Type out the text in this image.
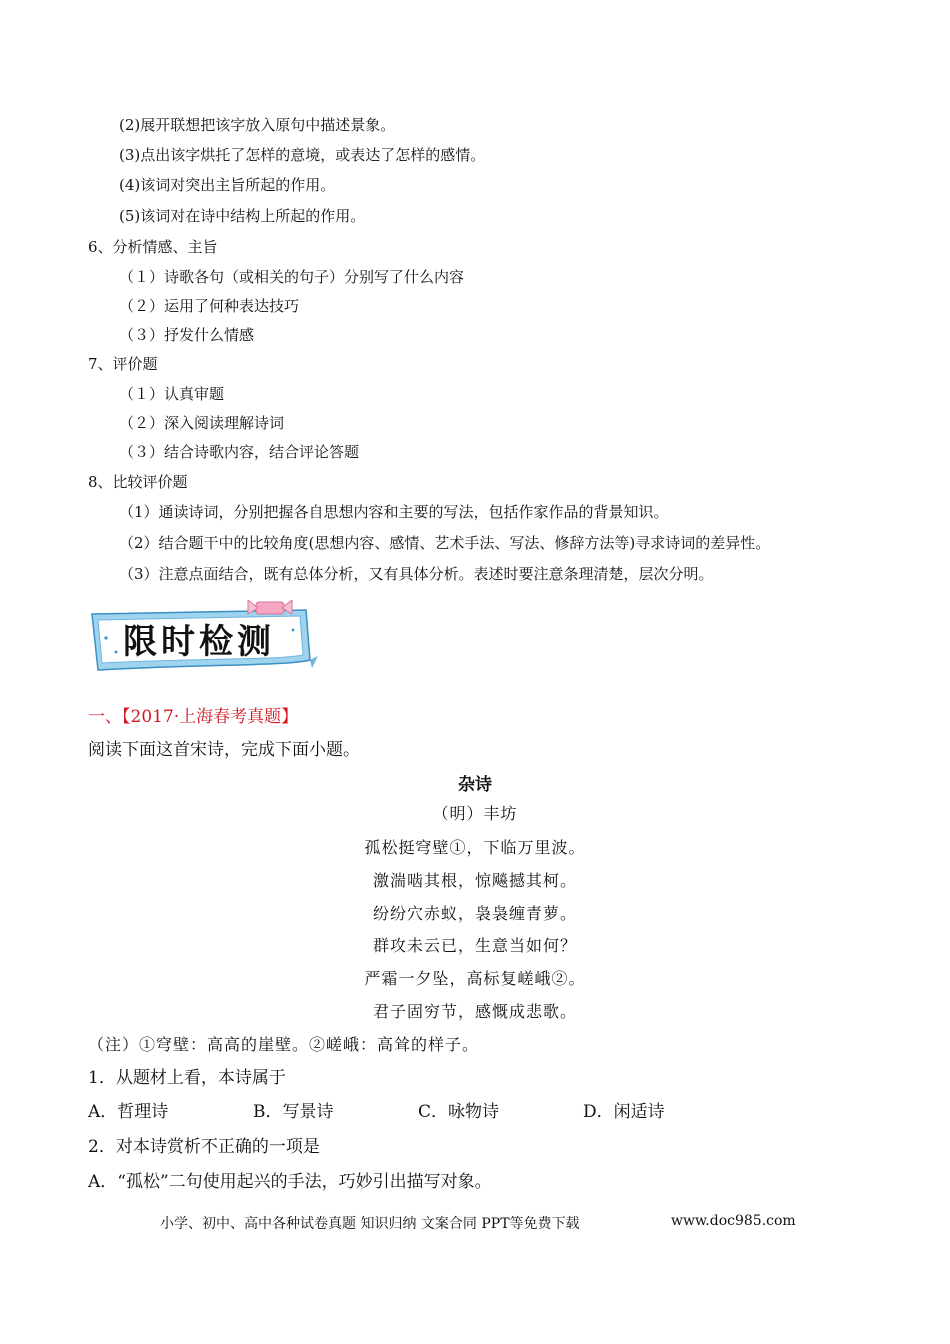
(2)展开联想把该字放入原句中描述景象。
(3)点出该字烘托了怎样的意境，或表达了怎样的感情。
(4)该词对突出主旨所起的作用。
(5)该词对在诗中结构上所起的作用。
6、分析情感、主旨
（１）诗歌各句（或相关的句子）分别写了什么内容
（２）运用了何种表达技巧
（３）抒发什么情感
7、评价题
（１）认真审题
（２）深入阅读理解诗词
（３）结合诗歌内容，结合评论答题
8、比较评价题
（1）通读诗词，分别把握各自思想内容和主要的写法，包括作家作品的背景知识。
（2）结合题干中的比较角度(思想内容、感情、艺术手法、写法、修辞方法等)寻求诗词的差异性。
（3）注意点面结合，既有总体分析，又有具体分析。表述时要注意条理清楚，层次分明。
限时检测
一、【2017·上海春考真题】
阅读下面这首宋诗，完成下面小题。
杂诗
（明）丰坊
孤松挺穹壁①，下临万里波。
激湍啮其根，惊飚撼其柯。
纷纷穴赤蚁，袅袅缠青萝。
群攻未云已，生意当如何？
严霜一夕坠，高标复嵯峨②。
君子固穷节，感慨成悲歌。
（注）①穹壁：高高的崖壁。②嵯峨：高耸的样子。
1．从题材上看，本诗属于
A．哲理诗	B．写景诗	C．咏物诗	D．闲适诗
2．对本诗赏析不正确的一项是
A．“孤松”二句使用起兴的手法，巧妙引出描写对象。
小学、初中、高中各种试卷真题 知识归纳 文案合同 PPT等免费下载	www.doc985.com
